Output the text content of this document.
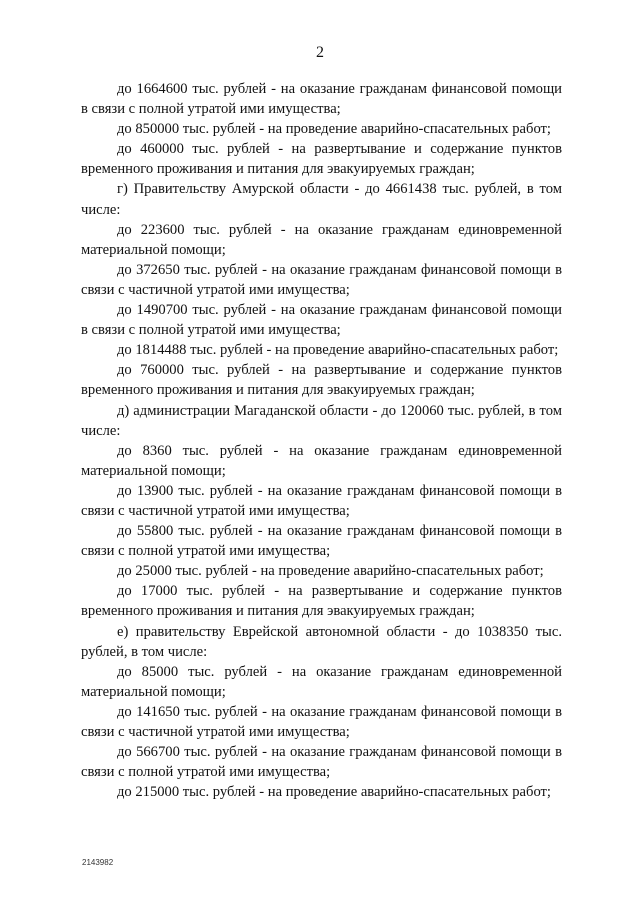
2

до 1664600 тыс. рублей - на оказание гражданам финансовой помощи в связи с полной утратой ими имущества;

до 850000 тыс. рублей - на проведение аварийно-спасательных работ;

до 460000 тыс. рублей - на развертывание и содержание пунктов временного проживания и питания для эвакуируемых граждан;

г) Правительству Амурской области - до 4661438 тыс. рублей, в том числе:

до 223600 тыс. рублей - на оказание гражданам единовременной материальной помощи;

до 372650 тыс. рублей - на оказание гражданам финансовой помощи в связи с частичной утратой ими имущества;

до 1490700 тыс. рублей - на оказание гражданам финансовой помощи в связи с полной утратой ими имущества;

до 1814488 тыс. рублей - на проведение аварийно-спасательных работ;

до 760000 тыс. рублей - на развертывание и содержание пунктов временного проживания и питания для эвакуируемых граждан;

д) администрации Магаданской области - до 120060 тыс. рублей, в том числе:

до 8360 тыс. рублей - на оказание гражданам единовременной материальной помощи;

до 13900 тыс. рублей - на оказание гражданам финансовой помощи в связи с частичной утратой ими имущества;

до 55800 тыс. рублей - на оказание гражданам финансовой помощи в связи с полной утратой ими имущества;

до 25000 тыс. рублей - на проведение аварийно-спасательных работ;

до 17000 тыс. рублей - на развертывание и содержание пунктов временного проживания и питания для эвакуируемых граждан;

е) правительству Еврейской автономной области - до 1038350 тыс. рублей, в том числе:

до 85000 тыс. рублей - на оказание гражданам единовременной материальной помощи;

до 141650 тыс. рублей - на оказание гражданам финансовой помощи в связи с частичной утратой ими имущества;

до 566700 тыс. рублей - на оказание гражданам финансовой помощи в связи с полной утратой ими имущества;

до 215000 тыс. рублей - на проведение аварийно-спасательных работ;

2143982
